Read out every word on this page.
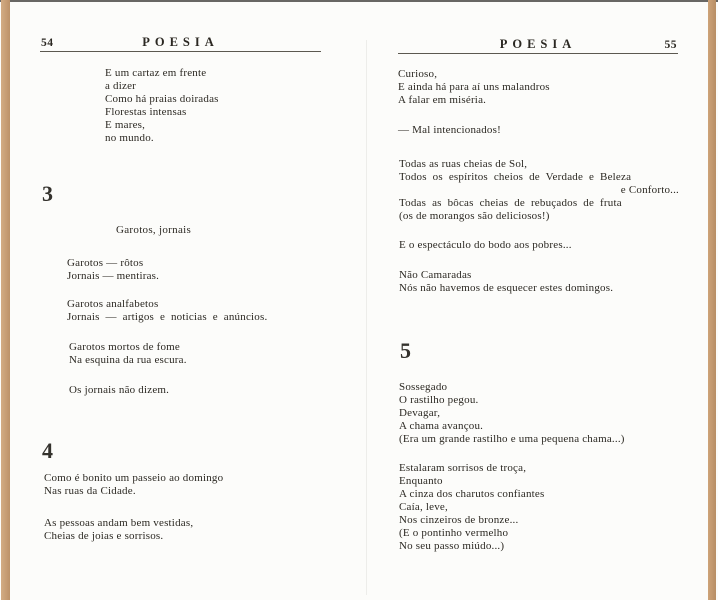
54	POESIA
E um cartaz em frente
a dizer
Como há praias doiradas
Florestas intensas
E mares,
no mundo.
3
Garotos, jornais
Garotos — rôtos
Jornais — mentiras.
Garotos analfabetos
Jornais — artigos e noticias e anúncios.
Garotos mortos de fome
Na esquina da rua escura.
Os jornais não dizem.
4
Como é bonito um passeio ao domingo
Nas ruas da Cidade.
As pessoas andam bem vestidas,
Cheias de joias e sorrisos.
POESIA	55
Curioso,
E ainda há para aí uns malandros
A falar em miséria.
— Mal intencionados!
Todas as ruas cheias de Sol,
Todos os espíritos cheios de Verdade e Beleza
e Conforto...
Todas as bôcas cheias de rebuçados de fruta
(os de morangos são deliciosos!)
E o espectáculo do bodo aos pobres...
Não Camaradas
Nós não havemos de esquecer estes domingos.
5
Sossegado
O rastilho pegou.
Devagar,
A chama avançou.
(Era um grande rastilho e uma pequena chama...)
Estalaram sorrisos de troça,
Enquanto
A cinza dos charutos confiantes
Caía, leve,
Nos cinzeiros de bronze...
(E o pontinho vermelho
No seu passo miúdo...)
